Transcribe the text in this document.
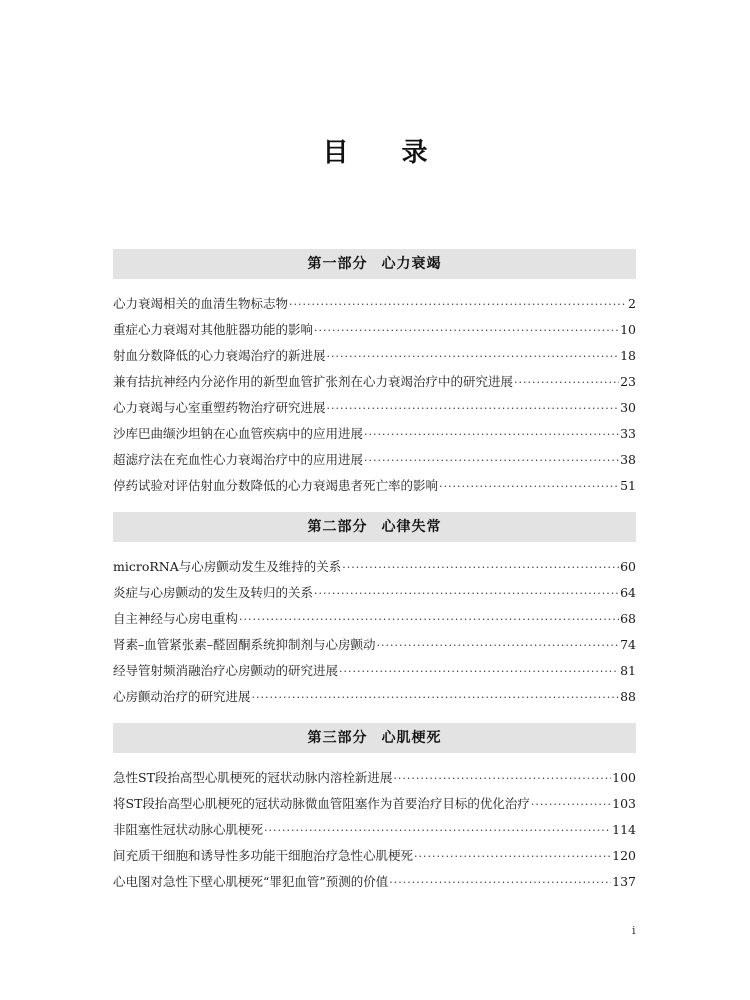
目 录
第一部分 心力衰竭
心力衰竭相关的血清生物标志物 ·····	2
重症心力衰竭对其他脏器功能的影响 ·····	10
射血分数降低的心力衰竭治疗的新进展 ·····	18
兼有拮抗神经内分泌作用的新型血管扩张剂在心力衰竭治疗中的研究进展 ·····	23
心力衰竭与心室重塑药物治疗研究进展 ·····	30
沙库巴曲缬沙坦钠在心血管疾病中的应用进展 ·····	33
超滤疗法在充血性心力衰竭治疗中的应用进展 ·····	38
停药试验对评估射血分数降低的心力衰竭患者死亡率的影响 ·····	51
第二部分 心律失常
microRNA与心房颤动发生及维持的关系 ·····	60
炎症与心房颤动的发生及转归的关系 ·····	64
自主神经与心房电重构 ·····	68
肾素–血管紧张素–醛固酮系统抑制剂与心房颤动 ·····	74
经导管射频消融治疗心房颤动的研究进展 ·····	81
心房颤动治疗的研究进展 ·····	88
第三部分 心肌梗死
急性ST段抬高型心肌梗死的冠状动脉内溶栓新进展 ·····	100
将ST段抬高型心肌梗死的冠状动脉微血管阻塞作为首要治疗目标的优化治疗 ·····	103
非阻塞性冠状动脉心肌梗死 ·····	114
间充质干细胞和诱导性多功能干细胞治疗急性心肌梗死 ·····	120
心电图对急性下壁心肌梗死“罪犯血管”预测的价值 ·····	137
i
